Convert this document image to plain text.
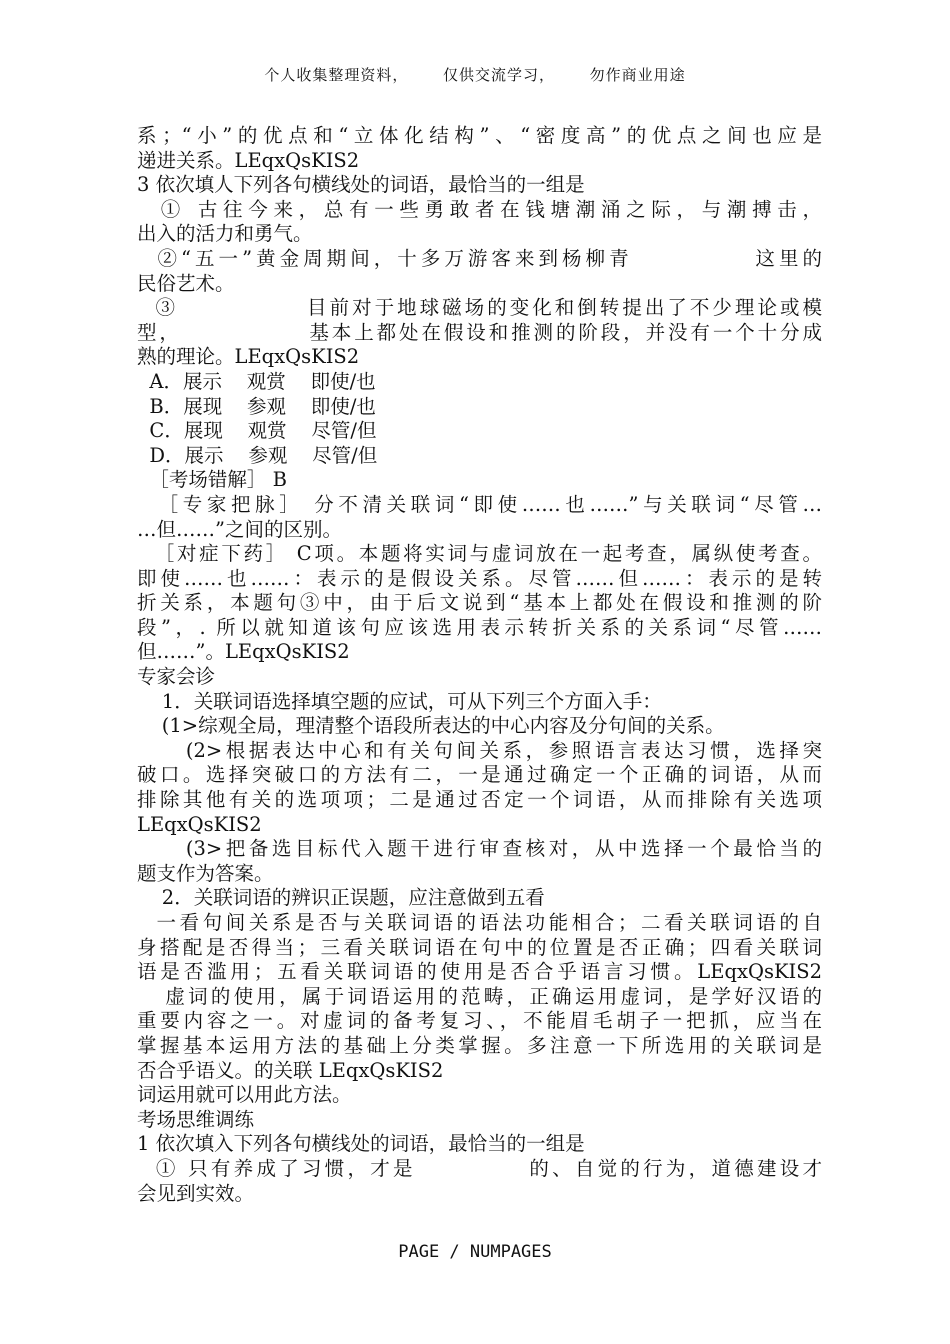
个人收集整理资料，      仅供交流学习，      勿作商业用途
系；“小”的优点和“立体化结构”、“密度高”的优点之间也应是
递进关系。LEqxQsKIS2
3 依次填人下列各句横线处的词语，最恰当的一组是
① 古往今来，总有一些勇敢者在钱塘潮涌之际，与潮搏击，
出入的活力和勇气。
②“五一”黄金周期间，十多万游客来到杨柳青            这里的
民俗艺术。
③              目前对于地球磁场的变化和倒转提出了不少理论或模
型，              基本上都处在假设和推测的阶段，并没有一个十分成
熟的理论。LEqxQsKIS2
A．展示    观赏    即使/也
B．展现    参观    即使/也
C．展现    观赏    尽管/但
D．展示    参观    尽管/但
［考场错解］ B
［专家把脉］ 分不清关联词“即使……也……”与关联词“尽管…
…但……”之间的区别。
［对症下药］ C项。本题将实词与虚词放在一起考查，属纵使考查。
即使……也……：表示的是假设关系。尽管……但……：表示的是转
折关系，本题句③中，由于后文说到“基本上都处在假设和推测的阶
段”，. 所以就知道该句应该选用表示转折关系的关系词“尽管……
但……”。LEqxQsKIS2
专家会诊
1．关联词语选择填空题的应试，可从下列三个方面入手：
(1>综观全局，理清整个语段所表达的中心内容及分句间的关系。
(2>根据表达中心和有关句间关系，参照语言表达习惯，选择突
破口。选择突破口的方法有二，一是通过确定一个正确的词语，从而
排除其他有关的选项项；二是通过否定一个词语，从而排除有关选项
LEqxQsKIS2
(3>把备选目标代入题干进行审查核对，从中选择一个最恰当的
题支作为答案。
2．关联词语的辨识正误题，应注意做到五看
一看句间关系是否与关联词语的语法功能相合；二看关联词语的自
身搭配是否得当；三看关联词语在句中的位置是否正确；四看关联词
语是否滥用；五看关联词语的使用是否合乎语言习惯。LEqxQsKIS2
虚词的使用，属于词语运用的范畴，正确运用虚词，是学好汉语的
重要内容之一。对虚词的备考复习、，不能眉毛胡子一把抓，应当在
掌握基本运用方法的基础上分类掌握。多注意一下所选用的关联词是
否合乎语义。的关联 LEqxQsKIS2
词运用就可以用此方法。
考场思维调练
1 依次填入下列各句横线处的词语，最恰当的一组是
① 只有养成了习惯，才是            的、自觉的行为，道德建设才
会见到实效。
PAGE / NUMPAGES
